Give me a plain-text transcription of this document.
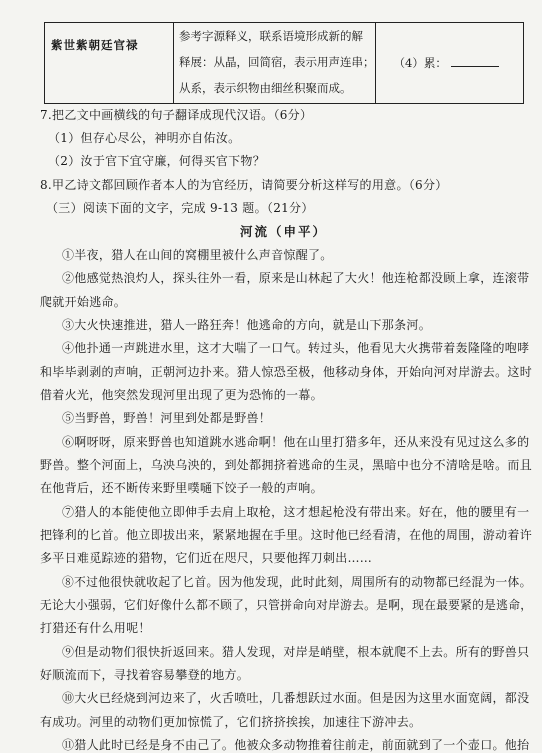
紫世紫朝廷官禄	
参考字源释义，联系语境形成新的解
释展：从晶，回简宿，表示用声连串；
从系，表示织物由细丝积聚而成。
	（4）累：
7.把乙文中画横线的句子翻译成现代汉语。（6分）
（1）但存心尽公，神明亦自佑汝。
（2）汝于官下宜守廉，何得买官下物？
8.甲乙诗文都回顾作者本人的为官经历，请简要分析这样写的用意。（6分）
（三）阅读下面的文字，完成 9-13 题。（21分）
河流（申平）
①半夜，猎人在山间的窝棚里被什么声音惊醒了。
②他感觉热浪灼人，探头往外一看，原来是山林起了大火！他连枪都没顾上拿，连滚带
爬就开始逃命。
③大火快速推进，猎人一路狂奔！他逃命的方向，就是山下那条河。
④他扑通一声跳进水里，这才大喘了一口气。转过头，他看见大火携带着轰隆隆的咆哮
和毕毕剥剥的声响，正朝河边扑来。猎人惊恐至极，他移动身体，开始向河对岸游去。这时
借着火光，他突然发现河里出现了更为恐怖的一幕。
⑤当野兽，野兽！河里到处都是野兽！
⑥啊呀呀，原来野兽也知道跳水逃命啊！他在山里打猎多年，还从来没有见过这么多的
野兽。整个河面上，乌泱乌泱的，到处都拥挤着逃命的生灵，黑暗中也分不清啥是啥。而且
在他背后，还不断传来野里噗嗵下饺子一般的声响。
⑦猎人的本能使他立即伸手去肩上取枪，这才想起枪没有带出来。好在，他的腰里有一
把锋利的匕首。他立即拔出来，紧紧地握在手里。这时他已经看清，在他的周围，游动着许
多平日难觅踪迹的猎物，它们近在咫尺，只要他挥刀刺出……
⑧不过他很快就收起了匕首。因为他发现，此时此刻，周围所有的动物都已经混为一体。
无论大小强弱，它们好像什么都不顾了，只管拼命向对岸游去。是啊，现在最要紧的是逃命，
打猎还有什么用呢！
⑨但是动物们很快折返回来。猎人发现，对岸是峭壁，根本就爬不上去。所有的野兽只
好顺流而下，寻找着容易攀登的地方。
⑩大火已经烧到河边来了，火舌喷吐，几番想跃过水面。但是因为这里水面宽阔，都没
有成功。河里的动物们更加惊慌了，它们挤挤挨挨，加速往下游冲去。
⑪猎人此时已经是身不由己了。他被众多动物推着往前走，前面就到了一个壶口。他抬
